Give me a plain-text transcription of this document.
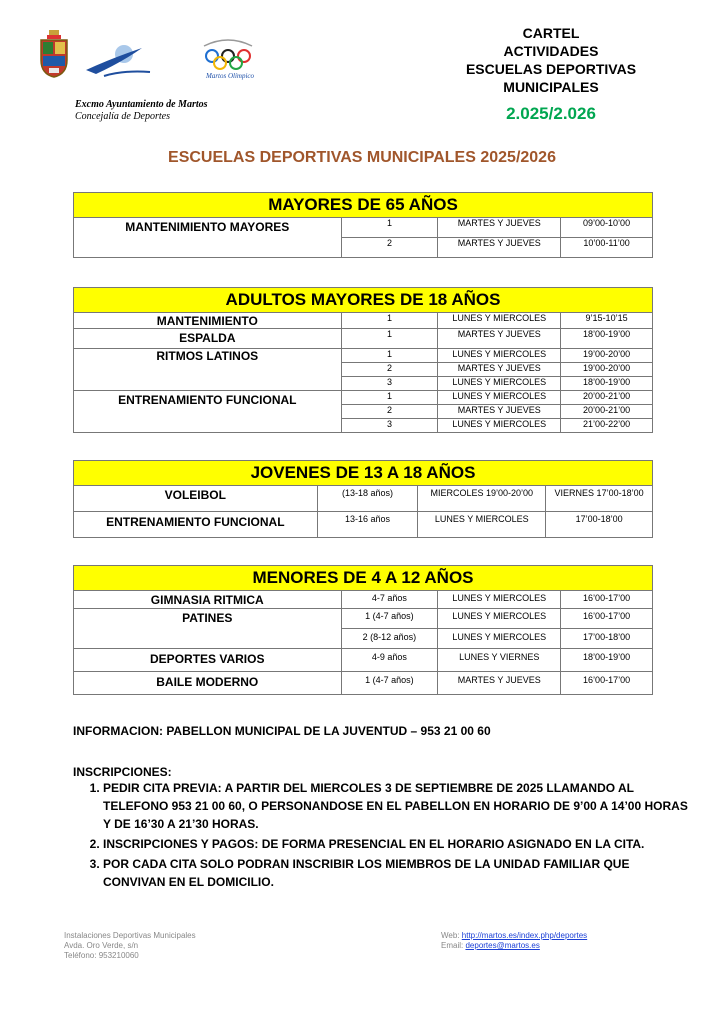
Martos Olímpico
Excmo Ayuntamiento de Martos
Concejalía de Deportes
CARTEL
ACTIVIDADES
ESCUELAS DEPORTIVAS
MUNICIPALES
2.025/2.026
ESCUELAS DEPORTIVAS MUNICIPALES 2025/2026
MAYORES DE 65 AÑOS			

MANTENIMIENTO MAYORES	1	MARTES Y JUEVES	09’00-10’00
	2	MARTES Y JUEVES	10’00-11’00
ADULTOS MAYORES DE 18 AÑOS			

MANTENIMIENTO	1	LUNES Y MIERCOLES	9’15-10’15

ESPALDA	1	MARTES Y JUEVES	18’00-19’00

RITMOS LATINOS	1	LUNES Y MIERCOLES	19’00-20’00
	2	MARTES Y JUEVES	19’00-20’00
	3	LUNES Y MIERCOLES	18’00-19’00

ENTRENAMIENTO FUNCIONAL	1	LUNES Y MIERCOLES	20’00-21’00
	2	MARTES Y JUEVES	20’00-21’00
	3	LUNES Y MIERCOLES	21’00-22’00
JOVENES DE 13 A 18 AÑOS			

VOLEIBOL	(13-18 años)	MIERCOLES 19’00-20’00	VIERNES 17’00-18’00

ENTRENAMIENTO FUNCIONAL	13-16 años	LUNES Y MIERCOLES	17’00-18’00
MENORES DE 4 A 12 AÑOS			

GIMNASIA RITMICA	4-7 años	LUNES Y MIERCOLES	16’00-17’00

PATINES	1 (4-7 años)	LUNES Y MIERCOLES	16’00-17’00
	2 (8-12 años)	LUNES Y MIERCOLES	17’00-18’00

DEPORTES VARIOS	4-9 años	LUNES Y VIERNES	18’00-19’00

BAILE MODERNO	1 (4-7 años)	MARTES Y JUEVES	16’00-17’00
INFORMACION: PABELLON MUNICIPAL DE LA JUVENTUD – 953 21 00 60
INSCRIPCIONES:
1. PEDIR CITA PREVIA: A PARTIR DEL MIERCOLES 3 DE SEPTIEMBRE DE 2025 LLAMANDO AL TELEFONO 953 21 00 60, O PERSONANDOSE EN EL PABELLON EN HORARIO DE 9’00 A 14’00 HORAS Y DE 16’30 A 21’30 HORAS.
2. INSCRIPCIONES Y PAGOS: DE FORMA PRESENCIAL EN EL HORARIO ASIGNADO EN LA CITA.
3. POR CADA CITA SOLO PODRAN INSCRIBIR LOS MIEMBROS DE LA UNIDAD FAMILIAR QUE CONVIVAN EN EL DOMICILIO.
Instalaciones Deportivas Municipales
Avda. Oro Verde, s/n
Teléfono: 953210060
Web: http://martos.es/index.php/deportes
Email: deportes@martos.es
